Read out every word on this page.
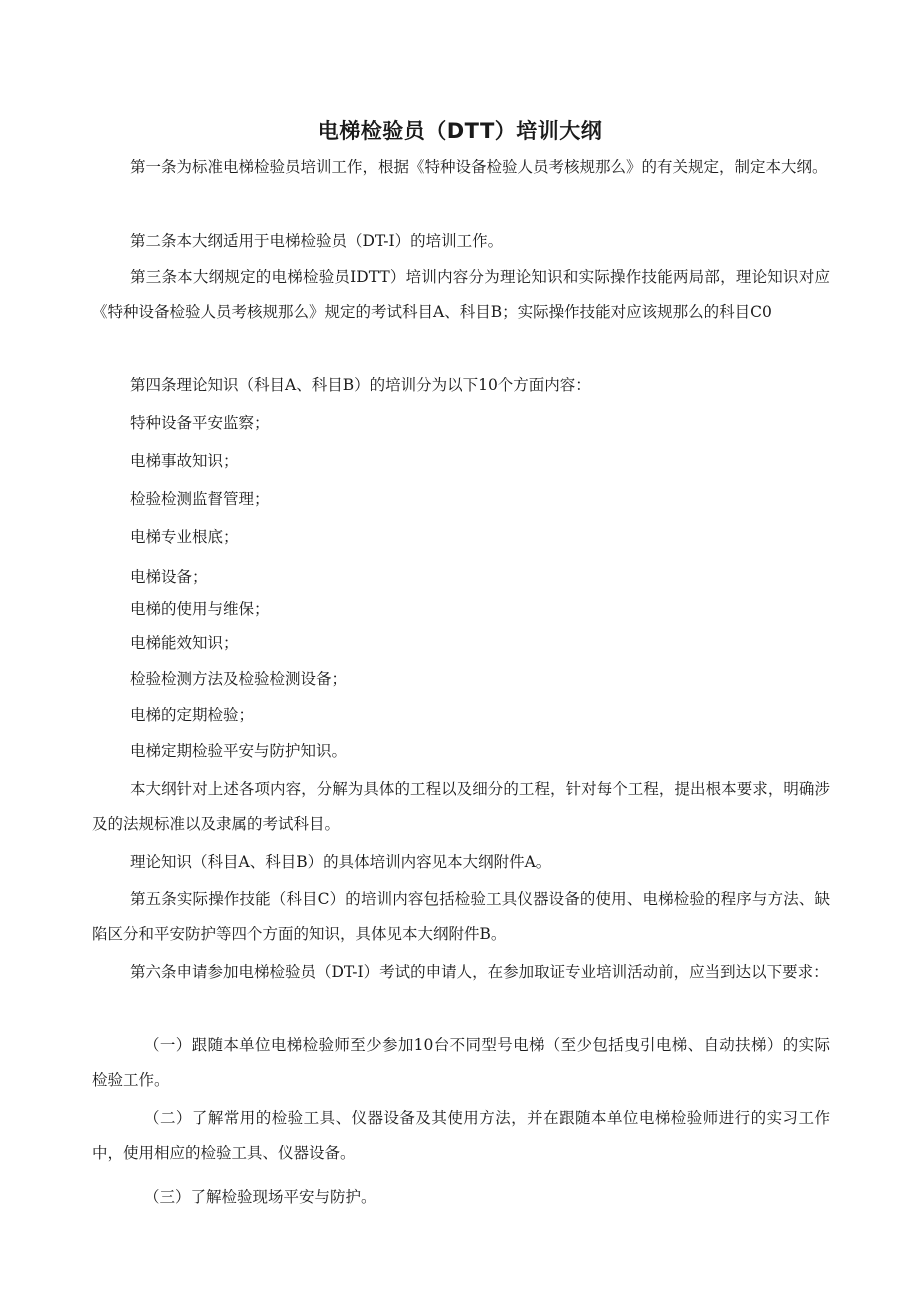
电梯检验员（DTT）培训大纲

第一条为标准电梯检验员培训工作，根据《特种设备检验人员考核规那么》的有关规定，制定本大纲。

第二条本大纲适用于电梯检验员（DT-I）的培训工作。

第三条本大纲规定的电梯检验员IDTT）培训内容分为理论知识和实际操作技能两局部，理论知识对应《特种设备检验人员考核规那么》规定的考试科目A、科目B；实际操作技能对应该规那么的科目C0

第四条理论知识（科目A、科目B）的培训分为以下10个方面内容：

特种设备平安监察；

电梯事故知识；

检验检测监督管理；

电梯专业根底；

电梯设备；

电梯的使用与维保；

电梯能效知识；

检验检测方法及检验检测设备；

电梯的定期检验；

电梯定期检验平安与防护知识。

本大纲针对上述各项内容，分解为具体的工程以及细分的工程，针对每个工程，提出根本要求，明确涉及的法规标准以及隶属的考试科目。

理论知识（科目A、科目B）的具体培训内容见本大纲附件A。

第五条实际操作技能（科目C）的培训内容包括检验工具仪器设备的使用、电梯检验的程序与方法、缺陷区分和平安防护等四个方面的知识，具体见本大纲附件B。

第六条申请参加电梯检验员（DT-I）考试的申请人，在参加取证专业培训活动前，应当到达以下要求：

（一）跟随本单位电梯检验师至少参加10台不同型号电梯（至少包括曳引电梯、自动扶梯）的实际检验工作。

（二）了解常用的检验工具、仪器设备及其使用方法，并在跟随本单位电梯检验师进行的实习工作中，使用相应的检验工具、仪器设备。

（三）了解检验现场平安与防护。
